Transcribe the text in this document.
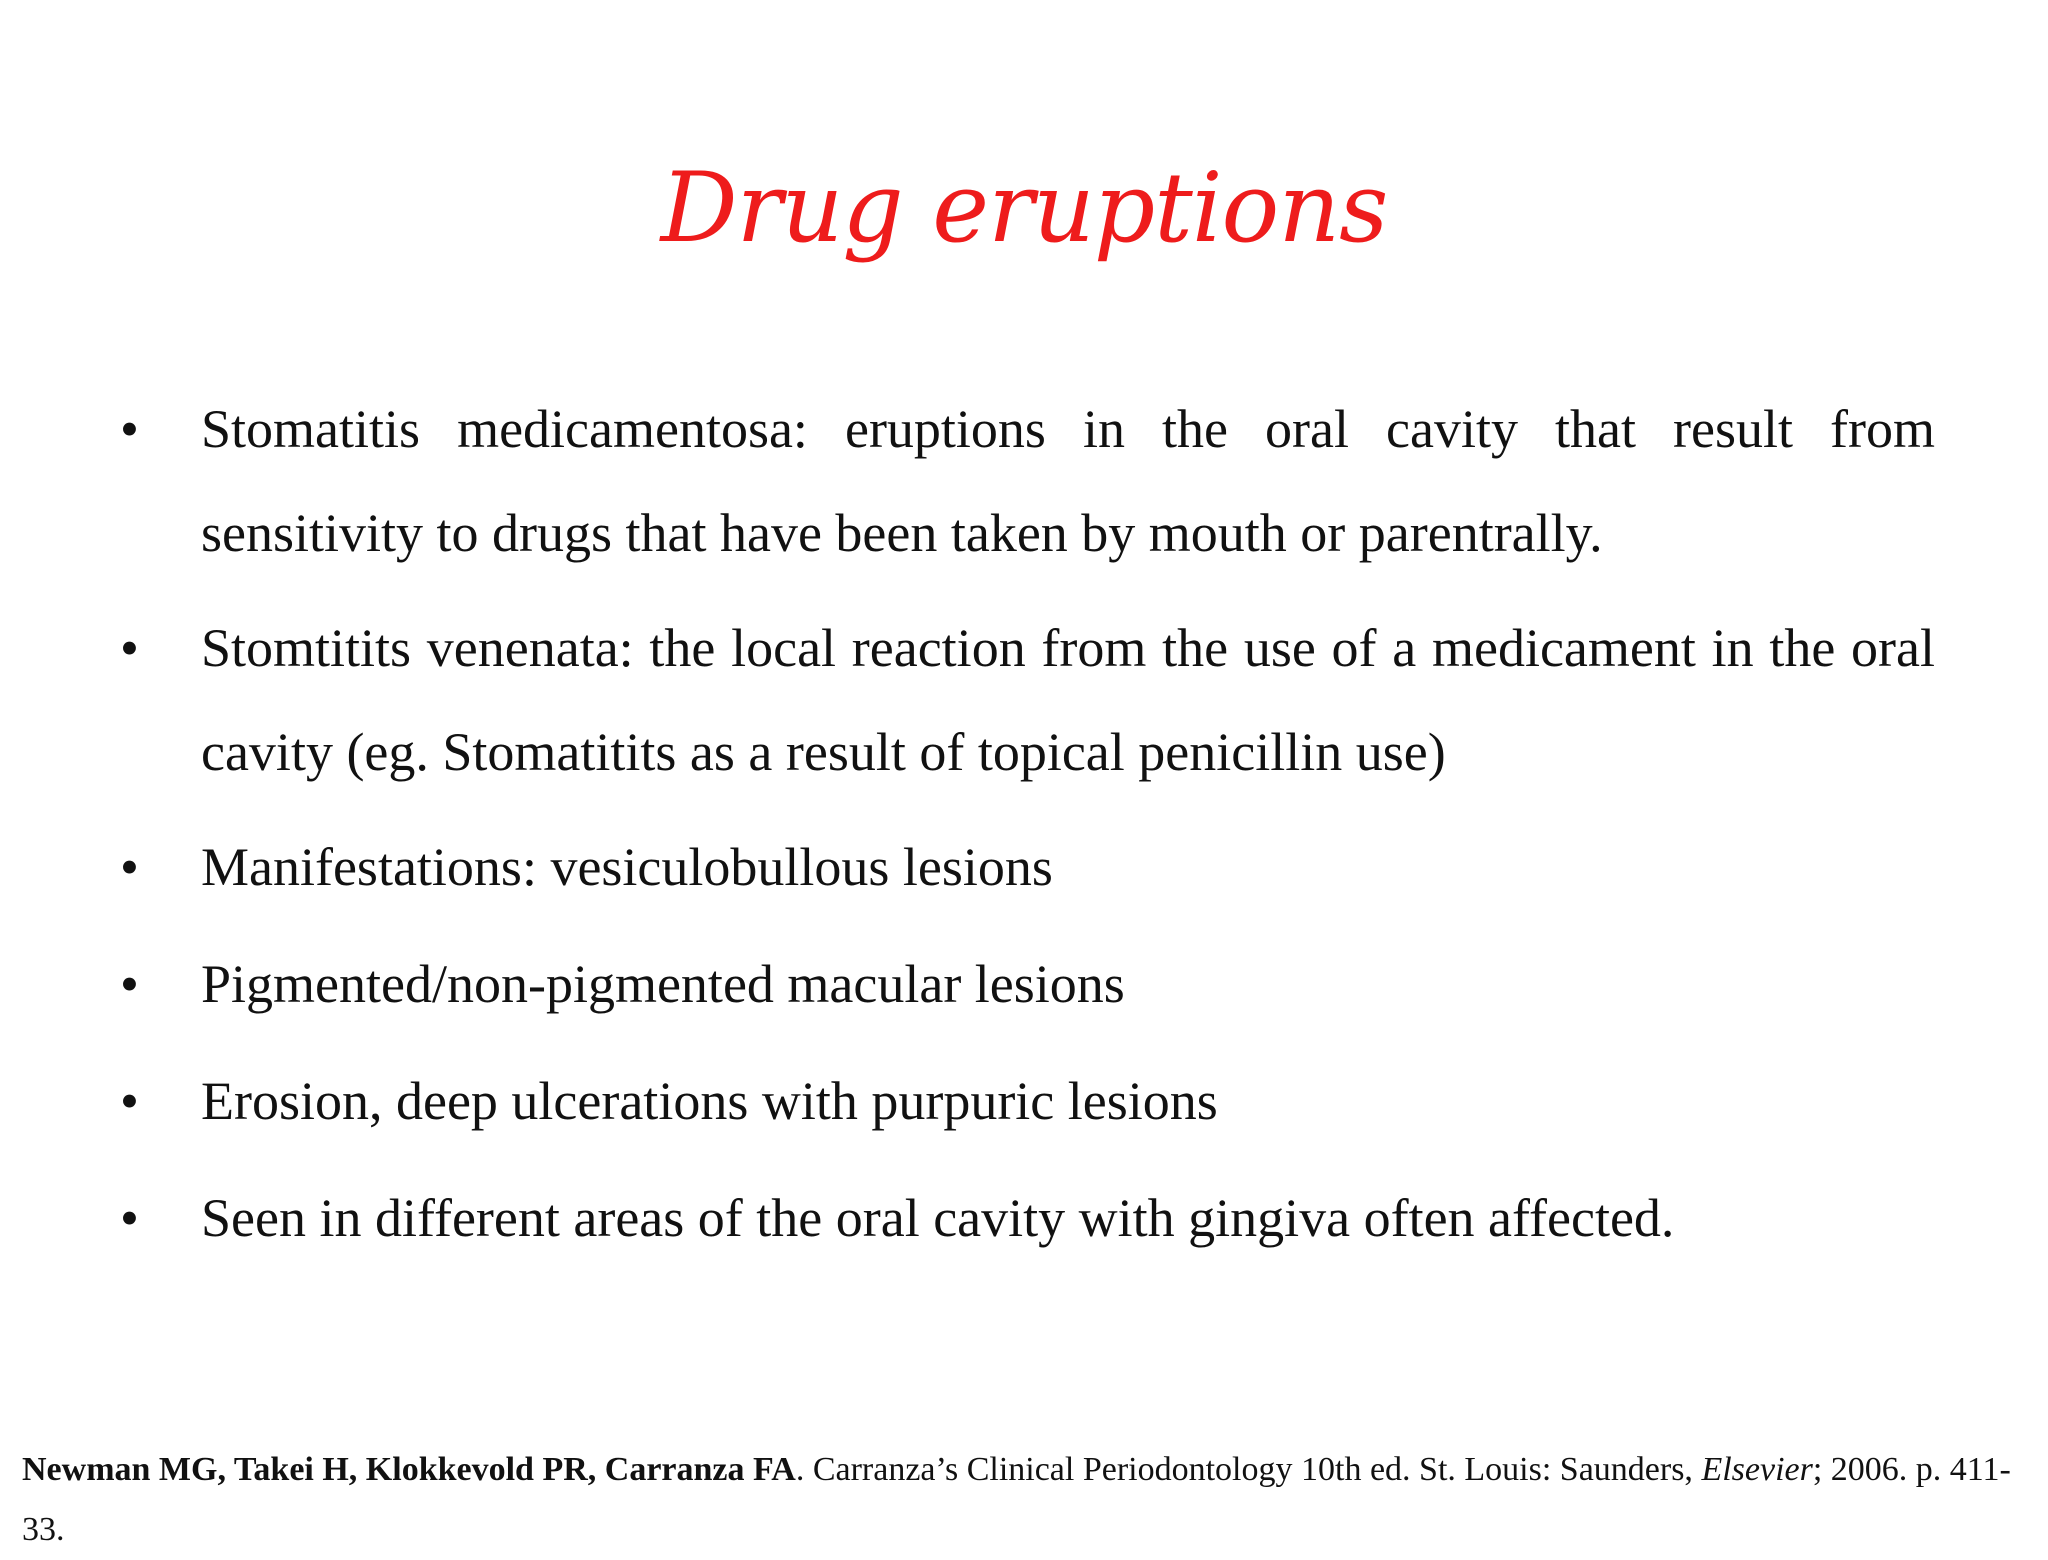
Drug eruptions
• Stomatitis medicamentosa: eruptions in the oral cavity that result from sensitivity to drugs that have been taken by mouth or parentrally.
• Stomtitits venenata: the local reaction from the use of a medicament in the oral cavity (eg. Stomatitits as a result of topical penicillin use)
• Manifestations: vesiculobullous lesions
• Pigmented/non-pigmented macular lesions
• Erosion, deep ulcerations with purpuric lesions
• Seen in different areas of the oral cavity with gingiva often affected.
Newman MG, Takei H, Klokkevold PR, Carranza FA. Carranza’s Clinical Periodontology 10th ed. St. Louis: Saunders, Elsevier; 2006. p. 411-33.
